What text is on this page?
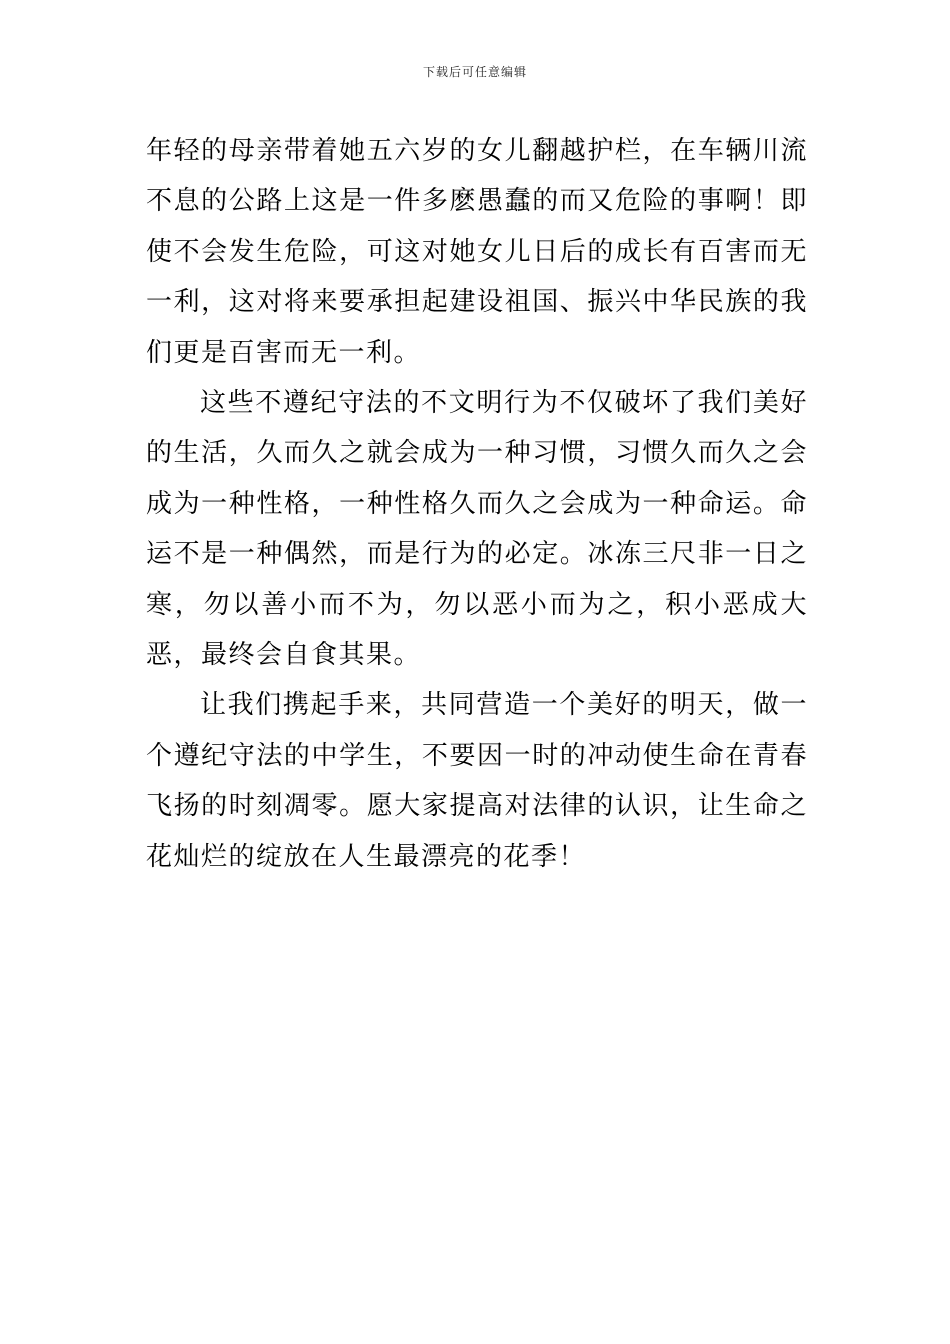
下载后可任意编辑

年轻的母亲带着她五六岁的女儿翻越护栏，在车辆川流不息的公路上这是一件多麽愚蠢的而又危险的事啊！即使不会发生危险，可这对她女儿日后的成长有百害而无一利，这对将来要承担起建设祖国、振兴中华民族的我们更是百害而无一利。

这些不遵纪守法的不文明行为不仅破坏了我们美好的生活，久而久之就会成为一种习惯，习惯久而久之会成为一种性格，一种性格久而久之会成为一种命运。命运不是一种偶然，而是行为的必定。冰冻三尺非一日之寒，勿以善小而不为，勿以恶小而为之，积小恶成大恶，最终会自食其果。

让我们携起手来，共同营造一个美好的明天，做一个遵纪守法的中学生，不要因一时的冲动使生命在青春飞扬的时刻凋零。愿大家提高对法律的认识，让生命之花灿烂的绽放在人生最漂亮的花季！
